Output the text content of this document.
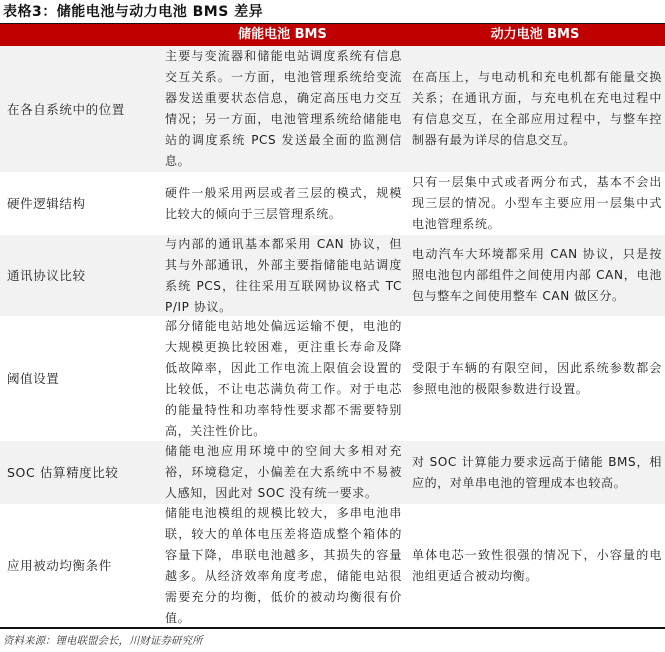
表格3：储能电池与动力电池 BMS 差异
储能电池 BMS	动力电池 BMS
在各自系统中的位置
主要与变流器和储能电站调度系统有信息交互关系。一方面，电池管理系统给变流器发送重要状态信息，确定高压电力交互情况；另一方面，电池管理系统给储能电站的调度系统 PCS 发送最全面的监测信息。
在高压上，与电动机和充电机都有能量交换关系；在通讯方面，与充电机在充电过程中有信息交互，在全部应用过程中，与整车控制器有最为详尽的信息交互。
硬件逻辑结构
硬件一般采用两层或者三层的模式，规模比较大的倾向于三层管理系统。
只有一层集中式或者两分布式，基本不会出现三层的情况。小型车主要应用一层集中式电池管理系统。
通讯协议比较
与内部的通讯基本都采用 CAN 协议，但其与外部通讯，外部主要指储能电站调度系统 PCS，往往采用互联网协议格式 TCP/IP 协议。
电动汽车大环境都采用 CAN 协议，只是按照电池包内部组件之间使用内部 CAN，电池包与整车之间使用整车 CAN 做区分。
阈值设置
部分储能电站地处偏远运输不便，电池的大规模更换比较困难，更注重长寿命及降低故障率，因此工作电流上限值会设置的比较低，不让电芯满负荷工作。对于电芯的能量特性和功率特性要求都不需要特别高，关注性价比。
受限于车辆的有限空间，因此系统参数都会参照电池的极限参数进行设置。
SOC 估算精度比较
储能电池应用环境中的空间大多相对充裕，环境稳定，小偏差在大系统中不易被人感知，因此对 SOC 没有统一要求。
对 SOC 计算能力要求远高于储能 BMS，相应的，对单串电池的管理成本也较高。
应用被动均衡条件
储能电池模组的规模比较大，多串电池串联，较大的单体电压差将造成整个箱体的容量下降，串联电池越多，其损失的容量越多。从经济效率角度考虑，储能电站很需要充分的均衡，低价的被动均衡很有价值。
单体电芯一致性很强的情况下，小容量的电池组更适合被动均衡。
资料来源：锂电联盟会长，川财证券研究所
